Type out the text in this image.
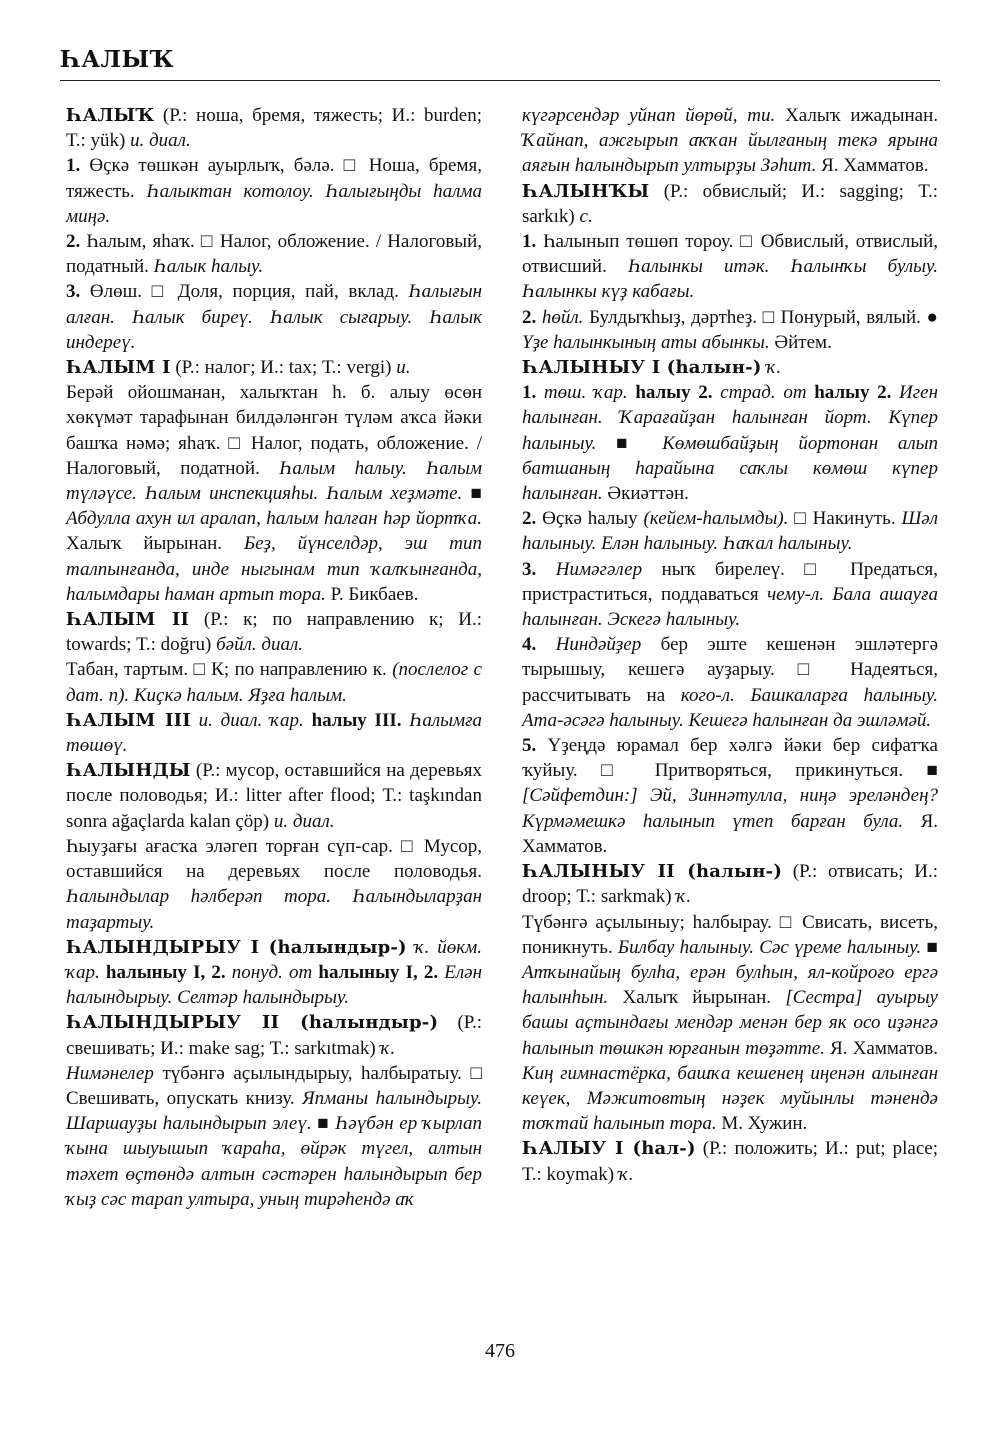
ҺАЛЫҠ

ҺАЛЫҠ (Р.: ноша, бремя, тяжесть; И.: burden; Т.: yük) и. диал.

1. Өҫкә төшкән ауырлыҡ, бәлә. □ Ноша, бремя, тяжесть. Һалыктан котолоу. Һалығыңды һалма миңә.

2. Һалым, яһаҡ. □ Налог, обложение. / Налоговый, податный. Һалык һалыу.

3. Өлөш. □ Доля, порция, пай, вклад. Һалығын алған. Һалык биреү. Һалык сығарыу. Һалык индереү.

ҺАЛЫМ I (Р.: налог; И.: tax; Т.: vergi) и.

Берәй ойошманан, халыҡтан һ. б. алыу өсөн хөкүмәт тарафынан билдәләнгән түләм аҡса йәки башҡа нәмә; яһаҡ. □ Налог, подать, обложение. / Налоговый, податной. Һалым һалыу. Һалым түләүсе. Һалым инспекцияһы. Һалым хеҙмәте. ■ Абдулла ахун ил аралап, һалым һалған һәр йортҡа. Халыҡ йырынан. Беҙ, йүнселдәр, эш тип талпынғанда, инде ныгынам тип ҡалҡынғанда, һалымдары һаман артып тора. Р. Бикбаев.

ҺАЛЫМ II (Р.: к; по направлению к; И.: towards; Т.: doğru) бәйл. диал.

Табан, тартым. □ К; по направлению к. (послелог с дат. п). Киҫкә һалым. Яҙға һалым.

ҺАЛЫМ III и. диал. ҡар. һалыу III. Һалымға төшөү.

ҺАЛЫНДЫ (Р.: мусор, оставшийся на деревьях после половодья; И.: litter after flood; Т.: taşkından sonra ağaçlarda kalan çöp) и. диал.

Һыуҙағы ағасҡа эләгеп торған сүп-сар. □ Мусор, оставшийся на деревьях после половодья. Һалындылар һәлберәп тора. Һалындыларҙан таҙартыу.

ҺАЛЫНДЫРЫУ I (һалындыр-) ҡ. йөкм. ҡар. һалыныу I, 2. понуд. от һалыныу I, 2. Елән һалындырыу. Селтәр һалындырыу.

ҺАЛЫНДЫРЫУ II (һалындыр-) (Р.: свешивать; И.: make sag; Т.: sarkıtmak) ҡ.

Нимәнелер түбәнгә аҫылындырыу, һалбыратыу. □ Свешивать, опускать книзу. Япманы һалындырыу. Шаршауҙы һалындырып элеү. ■ Һәүбән ер ҡырлап ҡына шыуышып ҡараһа, өйрәк түгел, алтын тәхет өҫтөндә алтын сәстәрен һалындырып бер ҡыҙ сәс тарап ултыра, уның тирәһендә аҡ

күгәрсендәр уйнап йөрөй, ти. Халыҡ ижадынан. Ҡайнап, ажғырып аҡҡан йылғаның текә ярына аяғын һалындырып ултырҙы Зәһит. Я. Хамматов.

ҺАЛЫНҠЫ (Р.: обвислый; И.: sagging; Т.: sarkık) с.

1. Һалынып төшөп тороу. □ Обвислый, отвислый, отвисший. Һалынкы итәк. Һалынҡы булыу. Һалынкы күҙ кабағы.

2. һөйл. Булдыҡһыҙ, дәртһеҙ. □ Понурый, вялый. ● Үҙе һалынкының аты абынкы. Әйтем.

ҺАЛЫНЫУ I (һалын-) ҡ.

1. төш. ҡар. һалыу 2. страд. от һалыу 2. Иген һалынған. Ҡарағайҙан һалынған йорт. Күпер һалыныу. ■ Көмөшбайҙың йортонан алып батшаның һарайына саҡлы көмөш күпер һалынған. Әкиәттән.

2. Өҫкә һалыу (кейем-һалымды). □ Накинуть. Шәл һалыныу. Елән һалыныу. Һаҡал һалыныу.

3. Нимәгәлер ныҡ бирелеү. □ Предаться, пристраститься, поддаваться чему-л. Бала ашауға һалынған. Эскегә һалыныу.

4. Ниндәйҙер бер эште кешенән эшләтергә тырышыу, кешегә ауҙарыу. □ Надеяться, рассчитывать на кого-л. Башкаларға һалыныу. Ата-әсәгә һалыныу. Кешегә һалынған да эшләмәй.

5. Үҙеңдә юрамал бер хәлгә йәки бер сифатҡа ҡуйыу. □ Притворяться, прикинуться. ■ [Сәйфетдин:] Эй, Зиннәтулла, ниңә эреләндең? Күрмәмешкә һалынып үтеп барған була. Я. Хамматов.

ҺАЛЫНЫУ II (һалын-) (Р.: отвисать; И.: droop; Т.: sarkmak) ҡ.

Түбәнгә аҫылыныу; һалбырау. □ Свисать, висеть, поникнуть. Билбау һалыныу. Сәс үреме һалыныу. ■ Атҡынайың булһа, ерән булһын, ял-койроғо ергә һалынһын. Халыҡ йырынан. [Сестра] ауырыу башы аҫтындағы мендәр менән бер як осо иҙәнгә һалынып төшкән юрғанын төҙәтте. Я. Хамматов. Киң гимнастёрка, башҡа кешенең иңенән алынған кеүек, Мәжитовтың нәҙек муйынлы тәнендә тоҡтай һалынып тора. М. Хужин.

ҺАЛЫУ I (һал-) (Р.: положить; И.: put; place; Т.: koymak) ҡ.

476
